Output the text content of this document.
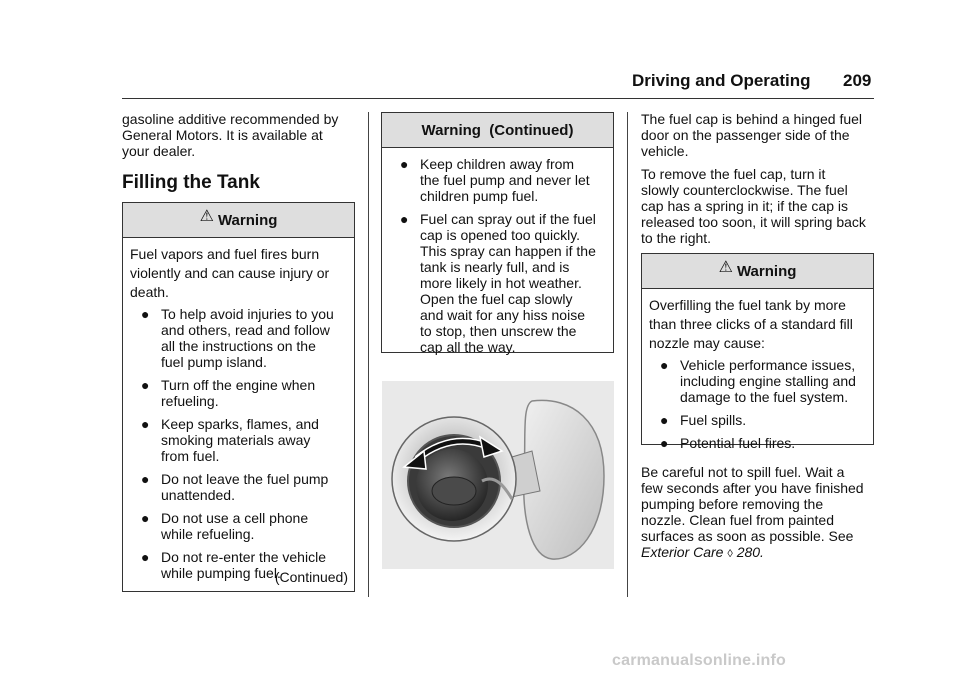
Driving and Operating 209
gasoline additive recommended by
General Motors. It is available at
your dealer.
Filling the Tank
⚠ Warning

Fuel vapors and fuel fires burn
violently and can cause injury or
death.

● To help avoid injuries to you
and others, read and follow
all the instructions on the
fuel pump island.
● Turn off the engine when
refueling.
● Keep sparks, flames, and
smoking materials away
from fuel.
● Do not leave the fuel pump
unattended.
● Do not use a cell phone
while refueling.
● Do not re-enter the vehicle
while pumping fuel.
(Continued)
Warning  (Continued)
● Keep children away from
the fuel pump and never let
children pump fuel.
● Fuel can spray out if the fuel
cap is opened too quickly.
This spray can happen if the
tank is nearly full, and is
more likely in hot weather.
Open the fuel cap slowly
and wait for any hiss noise
to stop, then unscrew the
cap all the way.
The fuel cap is behind a hinged fuel
door on the passenger side of the
vehicle.
To remove the fuel cap, turn it
slowly counterclockwise. The fuel
cap has a spring in it; if the cap is
released too soon, it will spring back
to the right.
⚠ Warning

Overfilling the fuel tank by more
than three clicks of a standard fill
nozzle may cause:

● Vehicle performance issues,
including engine stalling and
damage to the fuel system.
● Fuel spills.
● Potential fuel fires.
Be careful not to spill fuel. Wait a
few seconds after you have finished
pumping before removing the
nozzle. Clean fuel from painted
surfaces as soon as possible. See
Exterior Care ◊ 280.
carmanualsonline.info
